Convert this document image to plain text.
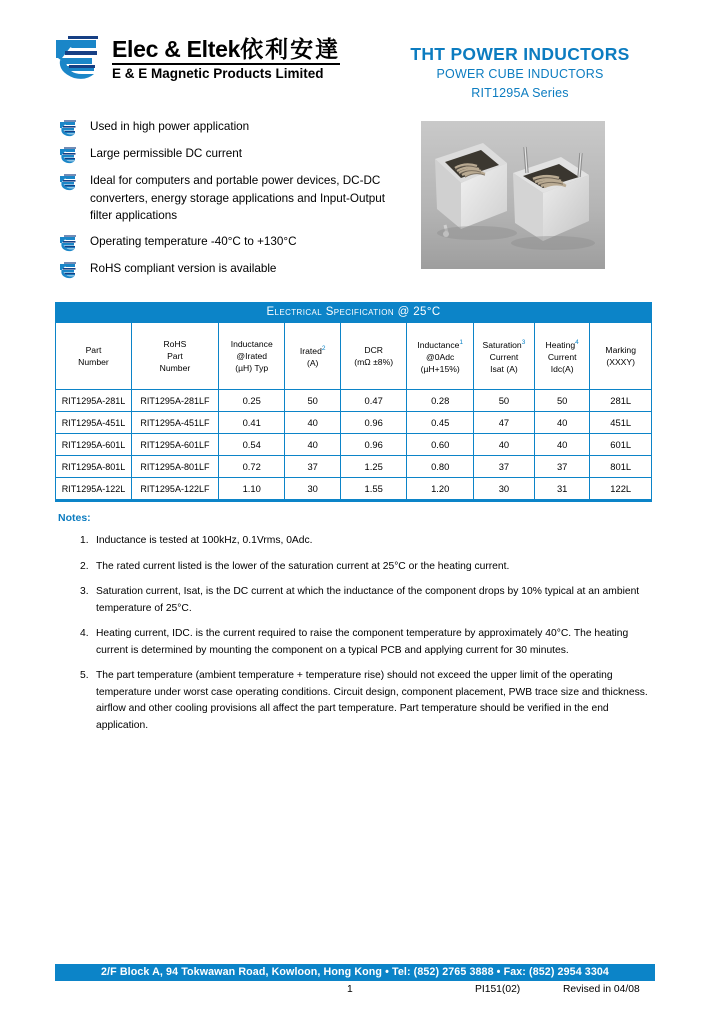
Elec & Eltek依利安達
E & E Magnetic Products Limited
THT POWER INDUCTORS
POWER CUBE INDUCTORS
RIT1295A Series
Used in high power application
Large permissible DC current
Ideal for computers and portable power devices, DC-DC converters, energy storage applications and Input-Output filter applications
Operating temperature -40°C to +130°C
RoHS compliant version is available
Electrical Specification @ 25°C
Part
Number	RoHS
Part
Number	Inductance
@Irated
(µH) Typ	Irated$^2$
(A)	DCR
(mΩ ±8%)	Inductance$^1$
@0Adc
(µH+15%)	Saturation$^3$
Current
Isat (A)	Heating$^4$
Current
Idc(A)	Marking
(XXXY)
RIT1295A-281L	RIT1295A-281LF	0.25	50	0.47	0.28	50	50	281L
RIT1295A-451L	RIT1295A-451LF	0.41	40	0.96	0.45	47	40	451L
RIT1295A-601L	RIT1295A-601LF	0.54	40	0.96	0.60	40	40	601L
RIT1295A-801L	RIT1295A-801LF	0.72	37	1.25	0.80	37	37	801L
RIT1295A-122L	RIT1295A-122LF	1.10	30	1.55	1.20	30	31	122L
Notes:
1. Inductance is tested at 100kHz, 0.1Vrms, 0Adc.
2. The rated current listed is the lower of the saturation current at 25°C or the heating current.
3. Saturation current, Isat, is the DC current at which the inductance of the component drops by 10% typical at an ambient temperature of 25°C.
4. Heating current, IDC. is the current required to raise the component temperature by approximately 40°C. The heating current is determined by mounting the component on a typical PCB and applying current for 30 minutes.
5. The part temperature (ambient temperature + temperature rise) should not exceed the upper limit of the operating temperature under worst case operating conditions. Circuit design, component placement, PWB trace size and thickness. airflow and other cooling provisions all affect the part temperature. Part temperature should be verified in the end application.
2/F Block A, 94 Tokwawan Road, Kowloon, Hong Kong • Tel: (852) 2765 3888 • Fax: (852) 2954 3304
1	PI151(02)	Revised in 04/08
